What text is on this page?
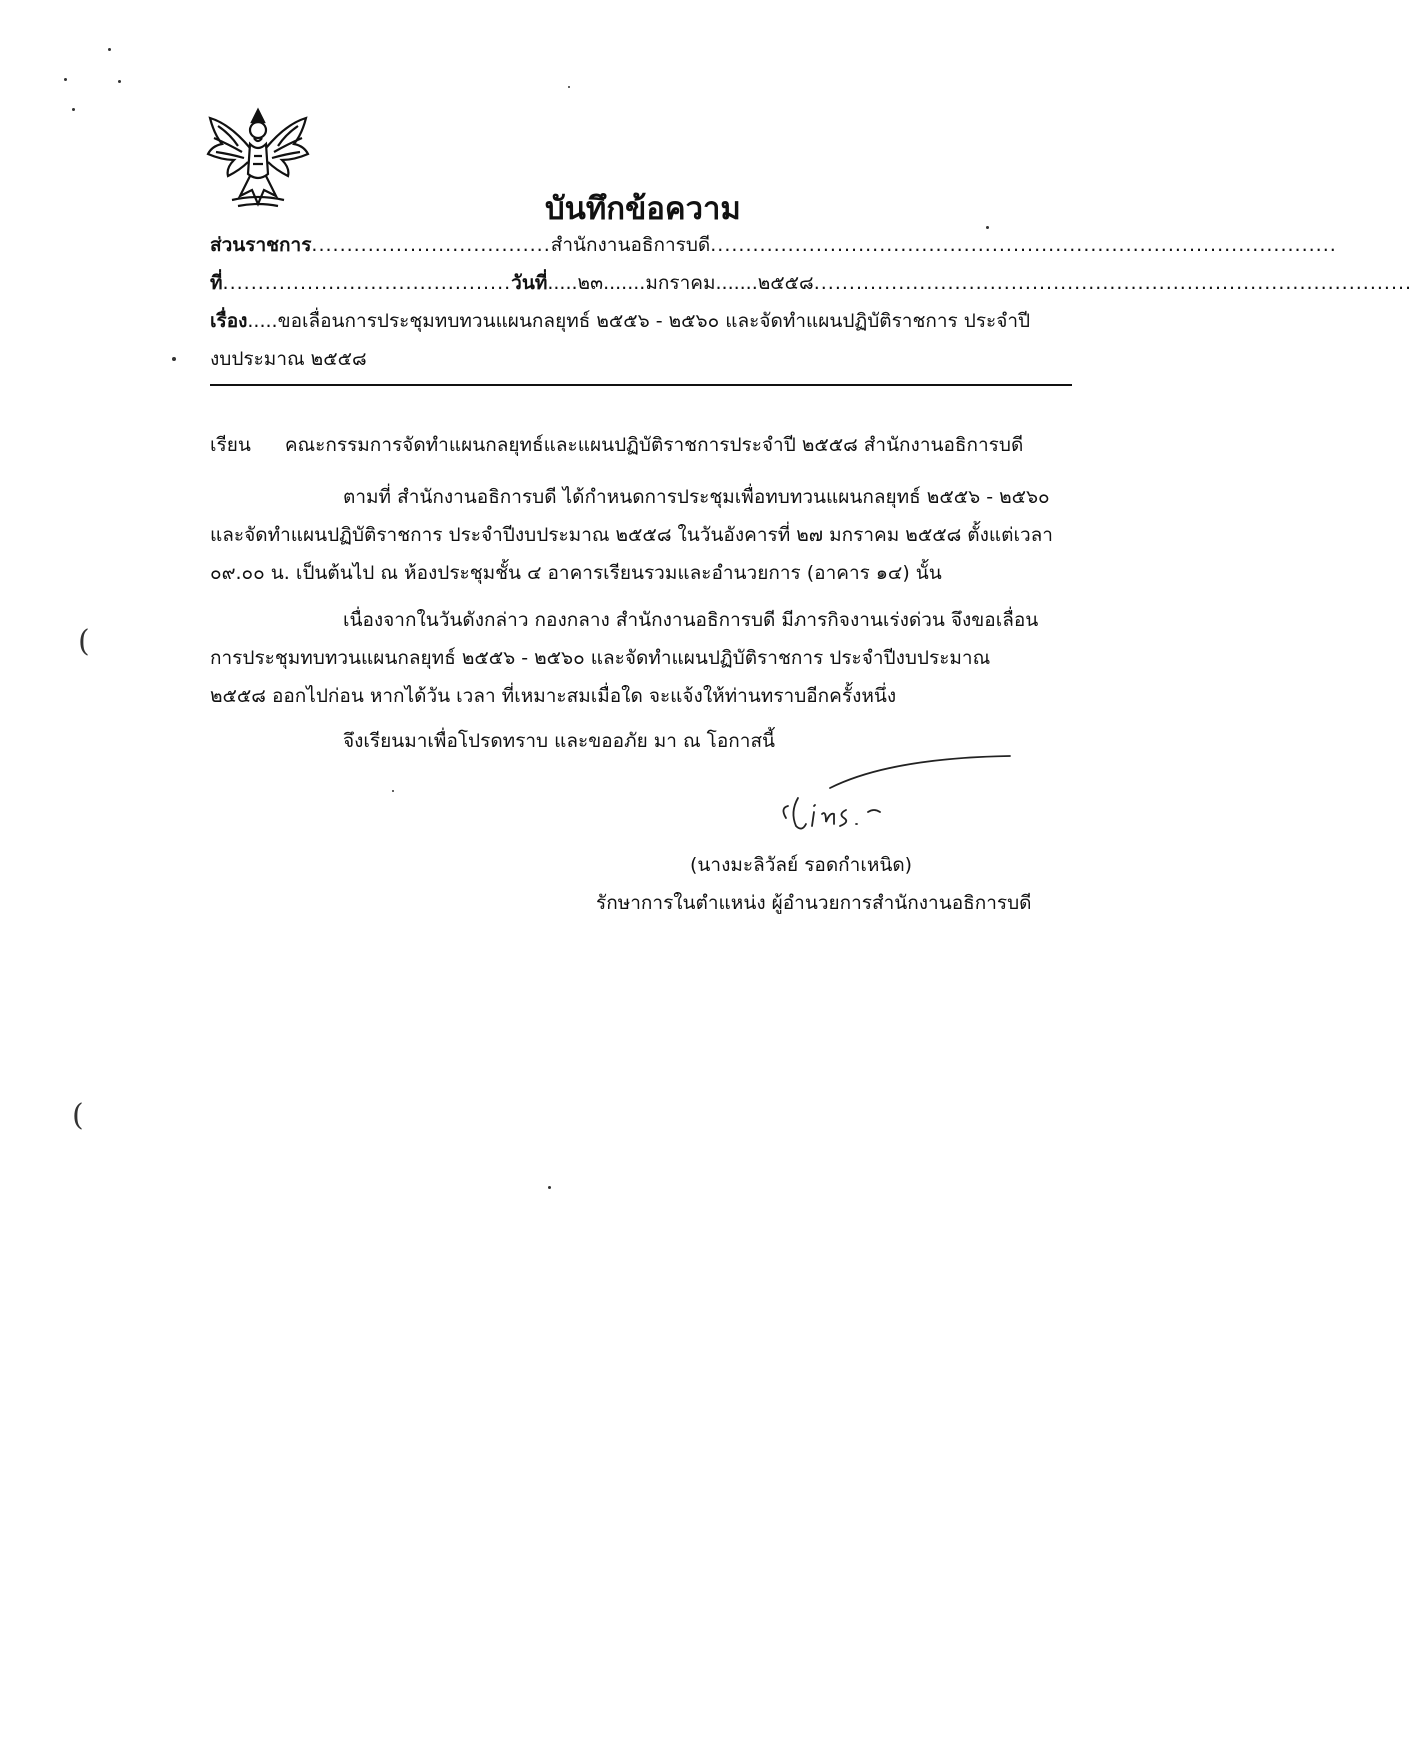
บันทึกข้อความ
ส่วนราชการ..................................สำนักงานอธิการบดี.........................................................................................
ที่.........................................วันที่.....๒๓.......มกราคม.......๒๕๕๘.....................................................................................
เรื่อง.....ขอเลื่อนการประชุมทบทวนแผนกลยุทธ์ ๒๕๕๖ - ๒๕๖๐ และจัดทำแผนปฏิบัติราชการ ประจำปี
งบประมาณ ๒๕๕๘
เรียน คณะกรรมการจัดทำแผนกลยุทธ์และแผนปฏิบัติราชการประจำปี ๒๕๕๘ สำนักงานอธิการบดี
ตามที่ สำนักงานอธิการบดี ได้กำหนดการประชุมเพื่อทบทวนแผนกลยุทธ์ ๒๕๕๖ - ๒๕๖๐
และจัดทำแผนปฏิบัติราชการ ประจำปีงบประมาณ ๒๕๕๘ ในวันอังคารที่ ๒๗ มกราคม ๒๕๕๘ ตั้งแต่เวลา
๐๙.๐๐ น. เป็นต้นไป ณ ห้องประชุมชั้น ๔ อาคารเรียนรวมและอำนวยการ (อาคาร ๑๔) นั้น
เนื่องจากในวันดังกล่าว กองกลาง สำนักงานอธิการบดี มีภารกิจงานเร่งด่วน จึงขอเลื่อน
การประชุมทบทวนแผนกลยุทธ์ ๒๕๕๖ - ๒๕๖๐ และจัดทำแผนปฏิบัติราชการ ประจำปีงบประมาณ
๒๕๕๘ ออกไปก่อน หากได้วัน เวลา ที่เหมาะสมเมื่อใด จะแจ้งให้ท่านทราบอีกครั้งหนึ่ง
จึงเรียนมาเพื่อโปรดทราบ และขออภัย มา ณ โอกาสนี้
(นางมะลิวัลย์ รอดกำเหนิด)
รักษาการในตำแหน่ง ผู้อำนวยการสำนักงานอธิการบดี
(
(
